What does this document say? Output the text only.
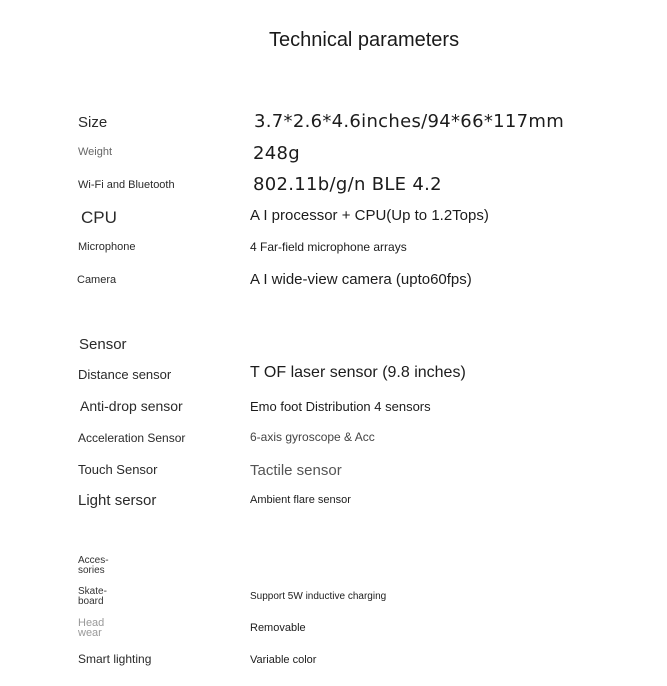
Technical parameters
Size	3.7*2.6*4.6inches/94*66*117mm
Weight	248g
Wi-Fi and Bluetooth	802.11b/g/n BLE 4.2
CPU	A I processor + CPU(Up to 1.2Tops)
Microphone	4 Far-field microphone arrays
Camera	A I wide-view camera (upto60fps)
Sensor
Distance sensor	T OF laser sensor (9.8 inches)
Anti-drop sensor	Emo foot Distribution 4 sensors
Acceleration Sensor	6-axis gyroscope & Acc
Touch Sensor	Tactile sensor
Light sersor	Ambient flare sensor
Acces-
sories
Skate-
board	Support 5W inductive charging
Head
wear	Removable
Smart lighting	Variable color
